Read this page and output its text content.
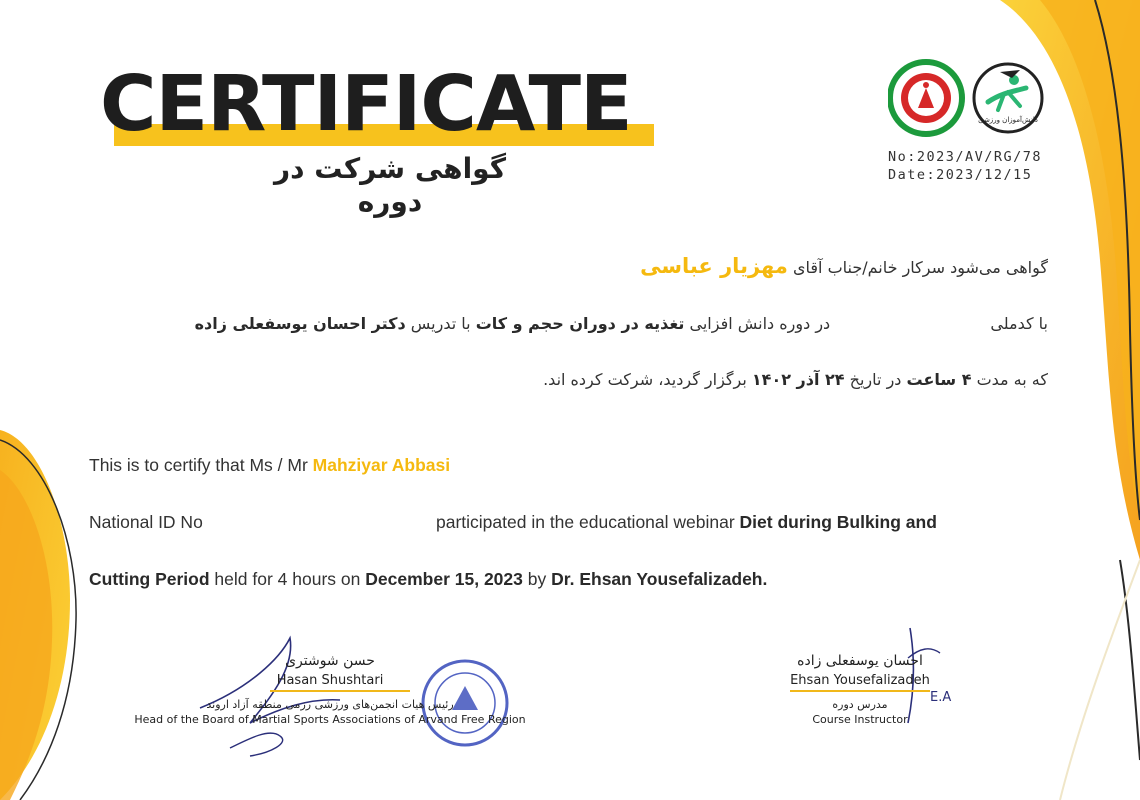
CERTIFICATE
گواهی شرکت در دوره
دانش‌آموزان ورزشی
No:2023/AV/RG/78
Date:2023/12/15
گواهی می‌شود سرکار خانم/جناب آقای مهزیار عباسی
با کدملی  در دوره دانش افزایی تغذیه در دوران حجم و کات با تدریس دکتر احسان یوسفعلی زاده
که به مدت ۴ ساعت در تاریخ ۲۴ آذر ۱۴۰۲ برگزار گردید، شرکت کرده اند.
This is to certify that Ms / Mr Mahziyar Abbasi
National ID No	participated in the educational webinar Diet during Bulking and
Cutting Period held for 4 hours on December 15, 2023 by Dr. Ehsan Yousefalizadeh.
حسن شوشتری
Hasan Shushtari
رئیس هیات انجمن‌های ورزشی رزمی منطقه آزاد اروند
Head of the Board of Martial Sports Associations of Arvand Free Region
E.A
احسان یوسفعلی زاده
Ehsan Yousefalizadeh
مدرس دوره
Course Instructor
